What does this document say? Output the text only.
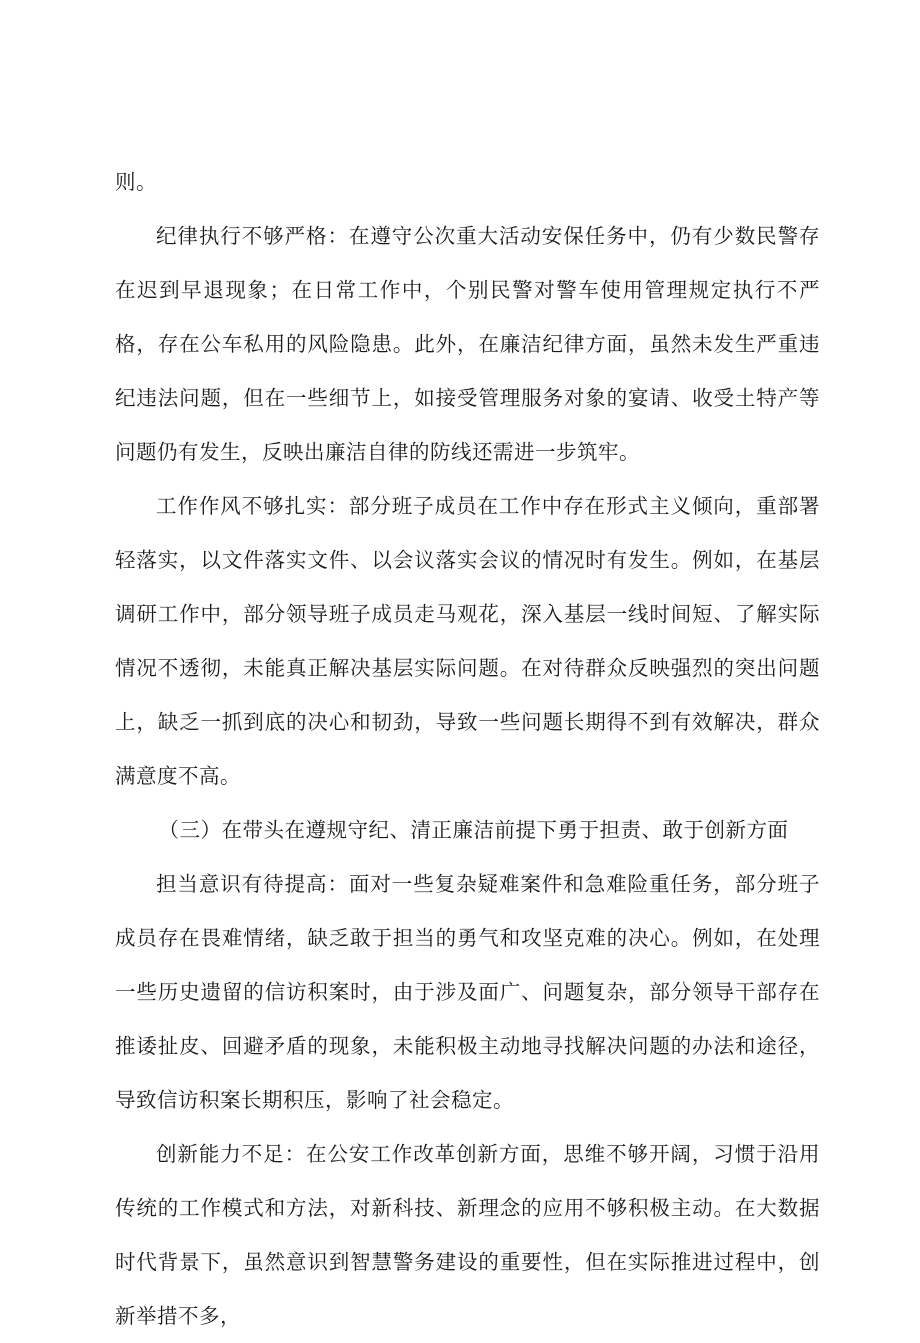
则。

纪律执行不够严格：在遵守公次重大活动安保任务中，仍有少数民警存在迟到早退现象；在日常工作中，个别民警对警车使用管理规定执行不严格，存在公车私用的风险隐患。此外，在廉洁纪律方面，虽然未发生严重违纪违法问题，但在一些细节上，如接受管理服务对象的宴请、收受土特产等问题仍有发生，反映出廉洁自律的防线还需进一步筑牢。

工作作风不够扎实：部分班子成员在工作中存在形式主义倾向，重部署轻落实，以文件落实文件、以会议落实会议的情况时有发生。例如，在基层调研工作中，部分领导班子成员走马观花，深入基层一线时间短、了解实际情况不透彻，未能真正解决基层实际问题。在对待群众反映强烈的突出问题上，缺乏一抓到底的决心和韧劲，导致一些问题长期得不到有效解决，群众满意度不高。

（三）在带头在遵规守纪、清正廉洁前提下勇于担责、敢于创新方面

担当意识有待提高：面对一些复杂疑难案件和急难险重任务，部分班子成员存在畏难情绪，缺乏敢于担当的勇气和攻坚克难的决心。例如，在处理一些历史遗留的信访积案时，由于涉及面广、问题复杂，部分领导干部存在推诿扯皮、回避矛盾的现象，未能积极主动地寻找解决问题的办法和途径，导致信访积案长期积压，影响了社会稳定。

创新能力不足：在公安工作改革创新方面，思维不够开阔，习惯于沿用传统的工作模式和方法，对新科技、新理念的应用不够积极主动。在大数据时代背景下，虽然意识到智慧警务建设的重要性，但在实际推进过程中，创新举措不多，
